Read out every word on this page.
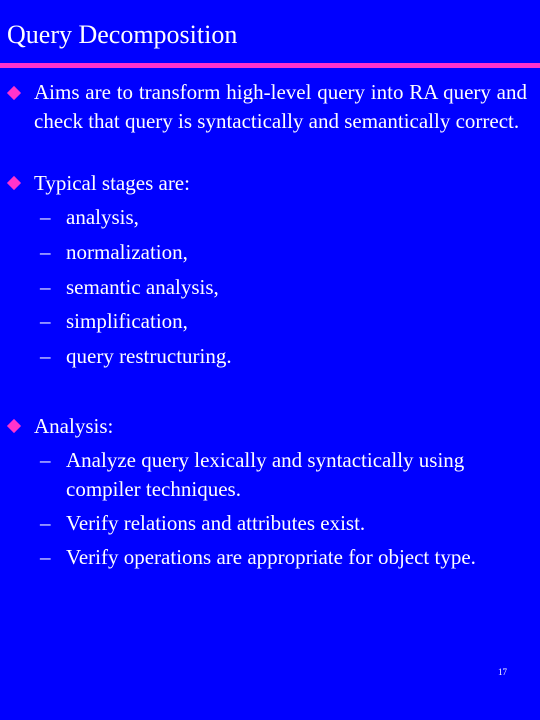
Query Decomposition
Aims are to transform high-level query into RA query and check that query is syntactically and semantically correct.
Typical stages are:
– analysis,
– normalization,
– semantic analysis,
– simplification,
– query restructuring.
Analysis:
– Analyze query lexically and syntactically using compiler techniques.
– Verify relations and attributes exist.
– Verify operations are appropriate for object type.
17
